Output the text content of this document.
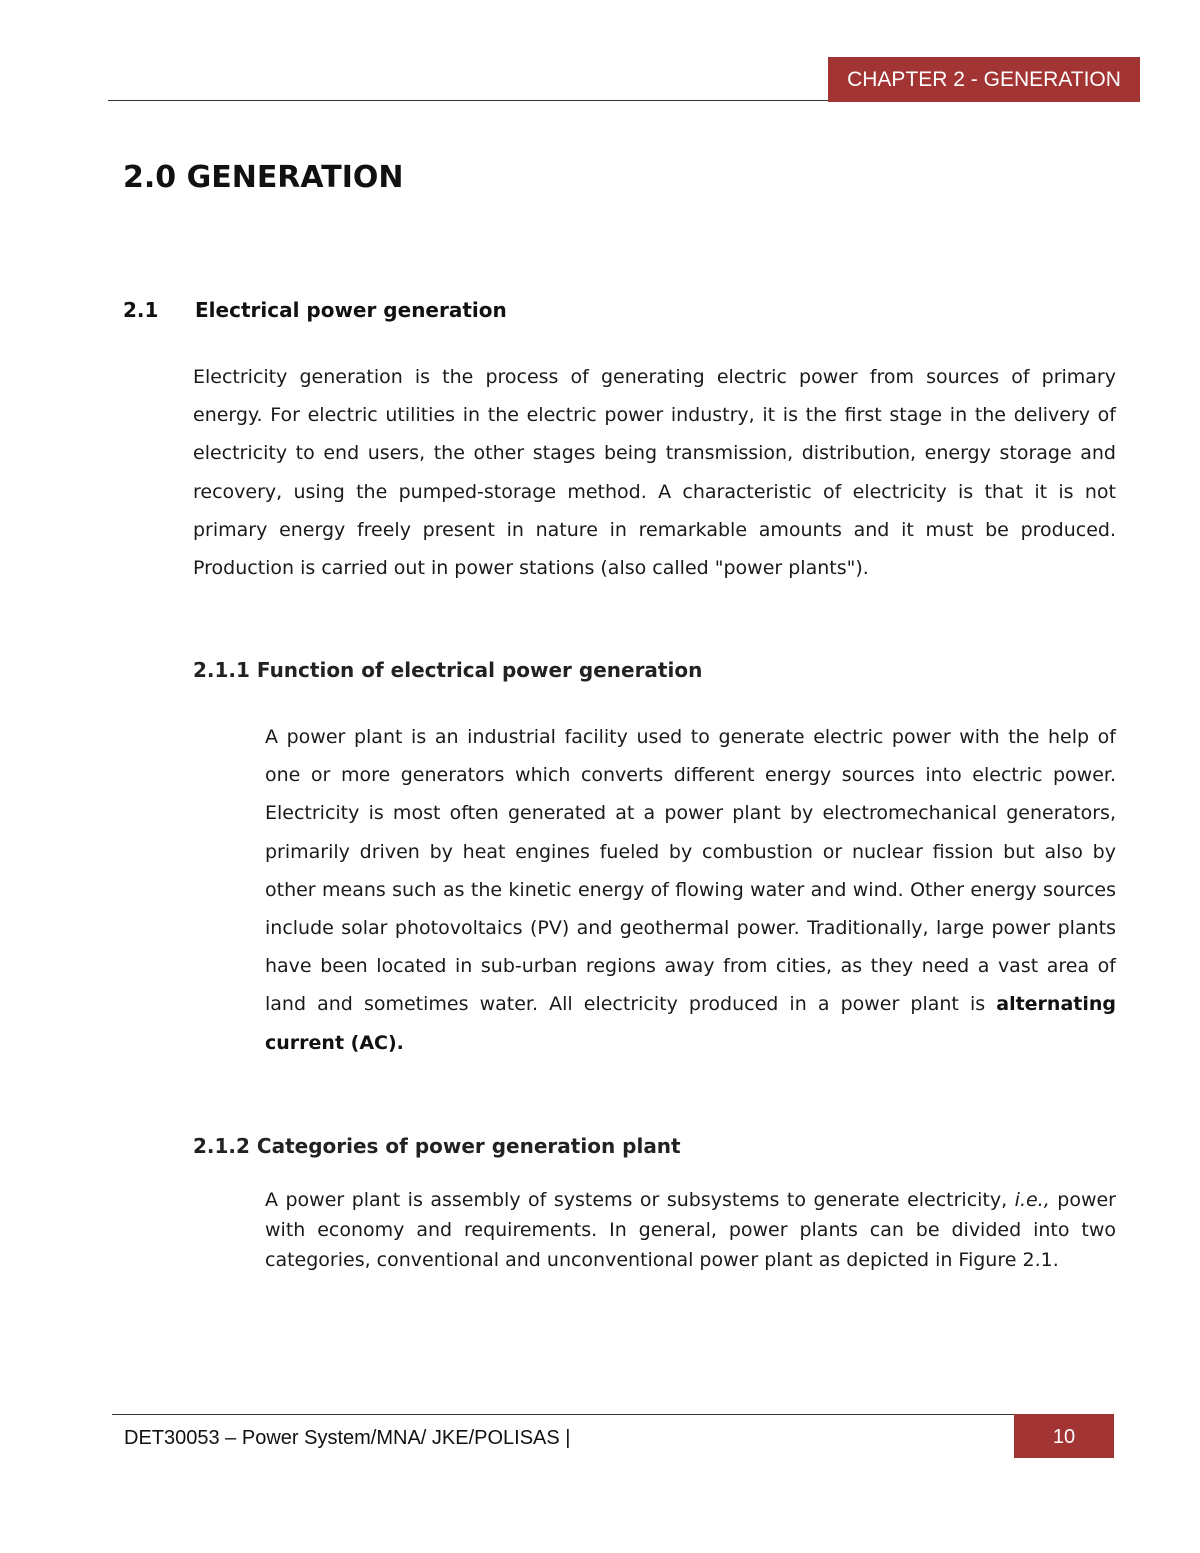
CHAPTER 2 - GENERATION
2.0 GENERATION
2.1 Electrical power generation

Electricity generation is the process of generating electric power from sources of primary energy. For electric utilities in the electric power industry, it is the first stage in the delivery of electricity to end users, the other stages being transmission, distribution, energy storage and recovery, using the pumped-storage method. A characteristic of electricity is that it is not primary energy freely present in nature in remarkable amounts and it must be produced. Production is carried out in power stations (also called "power plants").

2.1.1 Function of electrical power generation

A power plant is an industrial facility used to generate electric power with the help of one or more generators which converts different energy sources into electric power. Electricity is most often generated at a power plant by electromechanical generators, primarily driven by heat engines fueled by combustion or nuclear fission but also by other means such as the kinetic energy of flowing water and wind. Other energy sources include solar photovoltaics (PV) and geothermal power. Traditionally, large power plants have been located in sub-urban regions away from cities, as they need a vast area of land and sometimes water. All electricity produced in a power plant is alternating current (AC).

2.1.2 Categories of power generation plant

A power plant is assembly of systems or subsystems to generate electricity, i.e., power with economy and requirements. In general, power plants can be divided into two categories, conventional and unconventional power plant as depicted in Figure 2.1.

DET30053 – Power System/MNA/ JKE/POLISAS |	10
